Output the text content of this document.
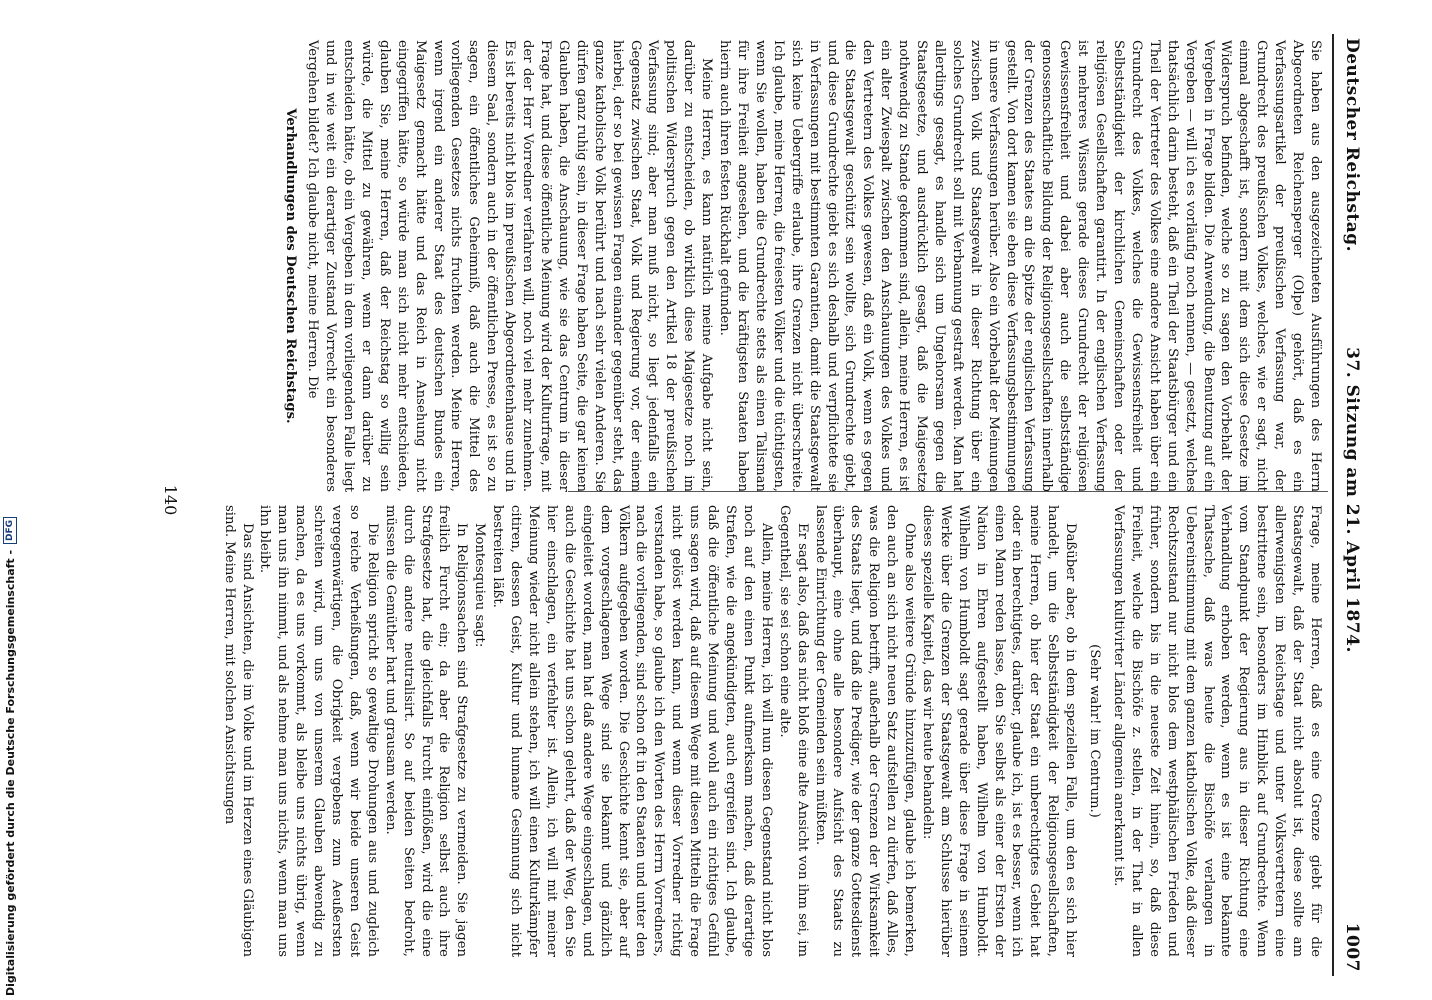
Deutscher Reichstag.
37. Sitzung am 21. April 1874.
1007

Sie haben aus den ausgezeichneten Ausführungen des Herrn Abgeordneten Reichensperger (Olpe) gehört, daß es ein Verfassungsartikel der preußischen Verfassung war, der Grundrecht des preußischen Volkes, welches, wie er sagt, nicht einmal abgeschafft ist, sondern mit dem sich diese Gesetze im Widerspruch befinden, welche so zu sagen den Vorbehalt der Vergeben in Frage bilden. Die Anwendung, die Benutzung auf ein Vergeben — will ich es vorläufig noch nennen, — gesetzt, welches thatsächlich darin besteht, daß ein Theil der Staatsbürger und ein Theil der Vertreter des Volkes eine andere Ansicht haben über ein Grundrecht des Volkes, welches die Gewissensfreiheit und Selbstständigkeit der kirchlichen Gemeinschaften oder der religiösen Gesellschaften garantirt. In der englischen Verfassung ist mehreres Wissens gerade dieses Grundrecht der religiösen Gewissensfreiheit und dabei aber auch die selbstständige genossenschaftliche Bildung der Religionsgesellschaften innerhalb der Grenzen des Staates an die Spitze der englischen Verfassung gestellt. Von dort kamen sie eben diese Verfassungsbestimmungen in unsere Verfassungen herüber. Also ein Vorbehalt der Meinungen zwischen Volk und Staatsgewalt in dieser Richtung über ein solches Grundrecht soll mit Verbannung gestraft werden. Man hat allerdings gesagt, es handle sich um Ungehorsam gegen die Staatsgesetze, und ausdrücklich gesagt, daß die Maigesetze nothwendig zu Stande gekommen sind, allein, meine Herren, es ist ein alter Zwiespalt zwischen den Anschauungen des Volkes und den Vertretern des Volkes gewesen, daß ein Volk, wenn es gegen die Staatsgewalt geschützt sein wollte, sich Grundrechte giebt, und diese Grundrechte giebt es sich deshalb und verpflichtete sie in Verfassungen mit bestimmten Garantien, damit die Staatsgewalt sich keine Uebergriffe erlaube, ihre Grenzen nicht überschreite. Ich glaube, meine Herren, die freiesten Völker und die tüchtigsten, wenn Sie wollen, haben die Grundrechte stets als einen Talisman für ihre Freiheit angesehen, und die kräftigsten Staaten haben hierin auch ihren festen Rückhalt gefunden.

Meine Herren, es kann natürlich meine Aufgabe nicht sein, darüber zu entscheiden, ob wirklich diese Maigesetze noch im politischen Widerspruch gegen den Artikel 18 der preußischen Verfassung sind; aber man muß nicht, so liegt jedenfalls ein Gegensatz zwischen Staat, Volk und Regierung vor, der einem hierbei, der so bei gewissen Fragen einander gegenüber steht, das ganze katholische Volk berührt und nach sehr vielen Anderen. Sie dürfen ganz ruhig sein, in dieser Frage haben Seite, die gar keinen Glauben haben, die Anschauung, wie sie das Centrum in dieser Frage hat, und diese öffentliche Meinung wird der Kulturfrage, mit der der Herr Vorredner verfahren will, noch viel mehr zunehmen. Es ist bereits nicht blos im preußischen Abgeordnetenhause und in diesem Saal, sondern auch in der öffentlichen Presse, es ist so zu sagen, ein öffentliches Geheimniß, daß auch die Mittel des vorliegenden Gesetzes nichts fruchten werden. Meine Herren, wenn irgend ein anderer Staat des deutschen Bundes ein Maigesetz gemacht hätte und das Reich in Ansehung nicht eingegriffen hätte, so würde man sich nicht mehr entschieden, glauben Sie, meine Herren, daß der Reichstag so willig sein würde, die Mittel zu gewähren, wenn er dann darüber zu entscheiden hätte, ob ein Vergeben in dem vorliegenden Falle liegt und in wie weit ein derartiger Zustand Vorrecht ein besonderes Vergehen bildet? Ich glaube nicht, meine Herren. Die

Verhandlungen des Deutschen Reichstags.

Frage, meine Herren, daß es eine Grenze giebt für die Staatsgewalt, daß der Staat nicht absolut ist, diese sollte am allerwenigsten im Reichstage und unter Volksvertretern eine bestrittene sein, besonders im Hinblick auf Grundrechte. Wenn vom Standpunkt der Regierung aus in dieser Richtung eine Verhandlung erhoben werden, wenn es ist eine bekannte Thatsache, daß was heute die Bischöfe verlangen in Uebereinstimmung mit dem ganzen katholischen Volke, daß dieser Rechtszustand nur nicht blos dem westphälischen Frieden und früher, sondern bis in die neueste Zeit hinein, so, daß diese Freiheit, welche die Bischöfe z. stellen, in der That in allen Verfassungen kultivirter Länder allgemein anerkannt ist.

(Sehr wahr! im Centrum.)

Daßüber aber, ob in dem speziellen Falle, um den es sich hier handelt, um die Selbstständigkeit der Religionsgesellschaften, meine Herren, ob hier der Staat ein unberechtigtes Gebiet hat oder ein berechtigtes, darüber, glaube ich, ist es besser, wenn ich einen Mann reden lasse, den Sie selbst als einer der Ersten der Nation in Ehren aufgestellt haben, Wilhelm von Humboldt. Wilhelm von Humboldt sagt gerade über diese Frage in seinem Werke über die Grenzen der Staatsgewalt am Schlusse hierüber dieses spezielle Kapitel, das wir heute behandeln:

Ohne also weitere Gründe hinzuzufügen, glaube ich bemerken, den auch an sich nicht neuen Satz aufstellen zu dürfen, daß Alles, was die Religion betrifft, außerhalb der Grenzen der Wirksamkeit des Staats liegt, und daß die Prediger, wie der ganze Gottesdienst überhaupt, eine ohne alle besondere Aufsicht des Staats zu lassende Einrichtung der Gemeinden sein müßten.

Er sagt also, daß das nicht bloß eine alte Ansicht von ihm sei, im Gegentheil, sie sei schon eine alte.

Allein, meine Herren, ich will nun diesen Gegenstand nicht blos noch auf den einen Punkt aufmerksam machen, daß derartige Strafen, wie die angekündigten, auch ergreifen sind. Ich glaube, daß die öffentliche Meinung und wohl auch ein richtiges Gefühl uns sagen wird, daß auf diesem Wege mit diesen Mitteln die Frage nicht gelöst werden kann, und wenn dieser Vorredner richtig verstanden habe, so glaube ich den Worten des Herrn Vorredners, nach die vorliegenden, sind schon oft in den Staaten und unter den Völkern aufgegeben worden. Die Geschichte kennt sie, aber auf dem vorgeschlagenen Wege sind sie bekannt und gänzlich eingeleitet worden, man hat daß andere Wege eingeschlagen, und auch die Geschichte hat uns schon gelehrt, daß der Weg, den Sie hier einschlagen, ein verfehlter ist. Allein, ich will mit meiner Meinung wieder nicht allein stehen, ich will einen Kulturkämpfer citiren, dessen Geist, Kultur und humane Gesinnung sich nicht bestreiten läßt.

Montesquieu sagt:

In Religionssachen sind Strafgesetze zu vermeiden. Sie jagen freilich Furcht ein; da aber die Religion selbst auch ihre Strafgesetze hat, die gleichfalls Furcht einflößen, wird die eine durch die andere neutralisirt. So auf beiden Seiten bedroht, müssen die Gemüther hart und grausam werden.

Die Religion spricht so gewaltige Drohungen aus und zugleich so reiche Verheißungen, daß, wenn wir beide unseren Geist vergegenwärtigen, die Obrigkeit vergebens zum Aeußersten schreiten wird, um uns von unserem Glauben abwendig zu machen, da es uns vorkommt, als bleibe uns nichts übrig, wenn man uns ihn nimmt, und als nehme man uns nichts, wenn man uns ihn bleibt.

Das sind Ansichten, die im Volke und im Herzen eines Gläubigen sind. Meine Herren, mit solchen Ansichtsungen

140
Digitalisierung gefördert durch die Deutsche Forschungsgemeinschaft -
DFG
